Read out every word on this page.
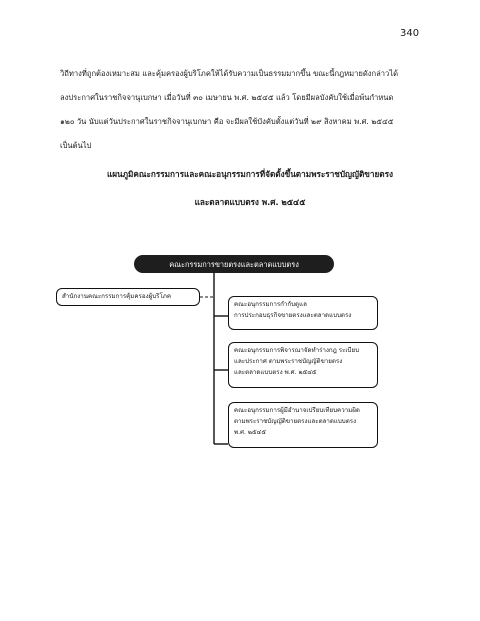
340

วิถีทางที่ถูกต้องเหมาะสม และคุ้มครองผู้บริโภคให้ได้รับความเป็นธรรมมากขึ้น ขณะนี้กฎหมายดังกล่าวได้
ลงประกาศในราชกิจจานุเบกษา เมื่อวันที่ ๓๐ เมษายน พ.ศ. ๒๕๔๕ แล้ว โดยมีผลบังคับใช้เมื่อพ้นกำหนด
๑๒๐ วัน นับแต่วันประกาศในราชกิจจานุเบกษา คือ จะมีผลใช้บังคับตั้งแต่วันที่ ๒๙ สิงหาคม พ.ศ. ๒๕๔๕
เป็นต้นไป

แผนภูมิคณะกรรมการและคณะอนุกรรมการที่จัดตั้งขึ้นตามพระราชบัญญัติขายตรง

และตลาดแบบตรง พ.ศ. ๒๕๔๕

คณะกรรมการขายตรงและตลาดแบบตรง
สำนักงานคณะกรรมการคุ้มครองผู้บริโภค
คณะอนุกรรมการกำกับดูแล
การประกอบธุรกิจขายตรงและตลาดแบบตรง
คณะอนุกรรมการพิจารณาจัดทำร่างกฎ ระเบียบ
และประกาศ ตามพระราชบัญญัติขายตรง
และตลาดแบบตรง พ.ศ. ๒๕๔๕
คณะอนุกรรมการผู้มีอำนาจเปรียบเทียบความผิด
ตามพระราชบัญญัติขายตรงและตลาดแบบตรง
พ.ศ. ๒๕๔๕
